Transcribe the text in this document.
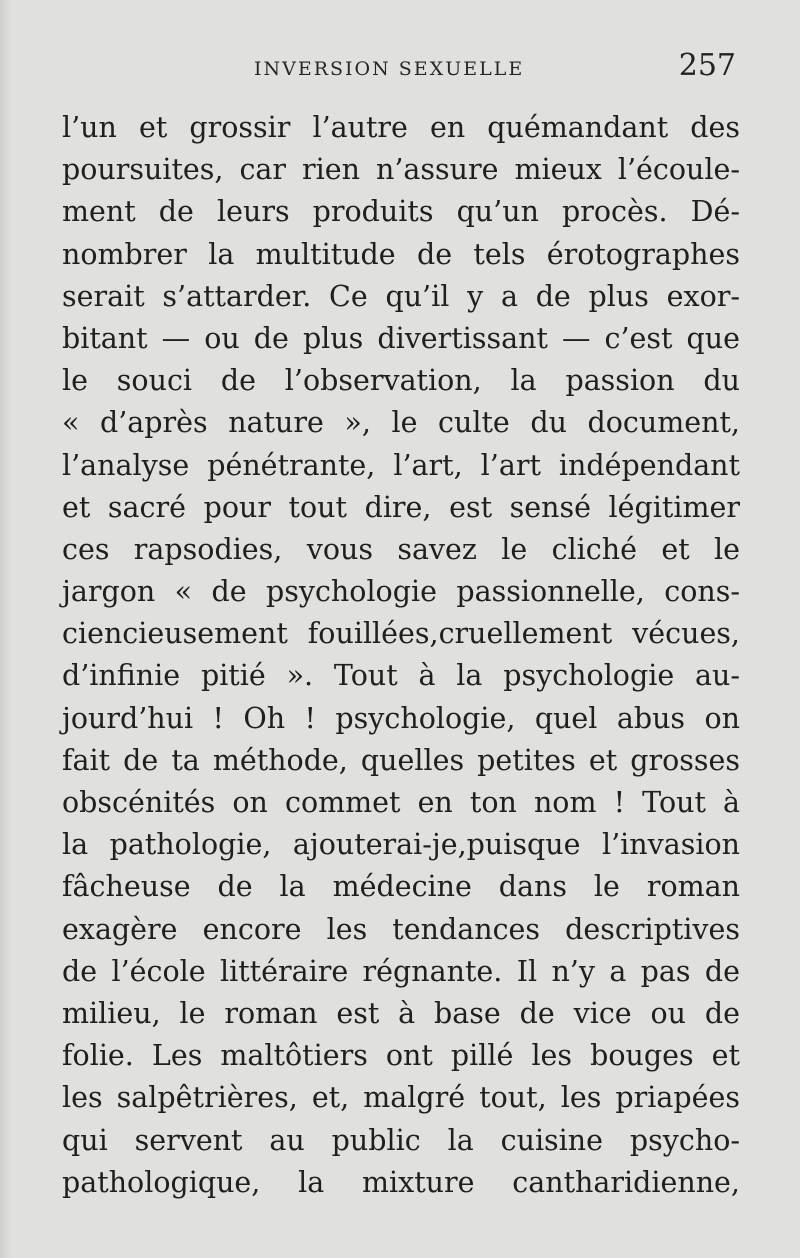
INVERSION SEXUELLE	257
l’un et grossir l’autre en quémandant des
poursuites, car rien n’assure mieux l’écoule-
ment de leurs produits qu’un procès. Dé-
nombrer la multitude de tels érotographes
serait s’attarder. Ce qu’il y a de plus exor-
bitant — ou de plus divertissant — c’est que
le souci de l’observation, la passion du
« d’après nature », le culte du document,
l’analyse pénétrante, l’art, l’art indépendant
et sacré pour tout dire, est sensé légitimer
ces rapsodies, vous savez le cliché et le
jargon « de psychologie passionnelle, cons-
ciencieusement fouillées,cruellement vécues,
d’infinie pitié ». Tout à la psychologie au-
jourd’hui ! Oh ! psychologie, quel abus on
fait de ta méthode, quelles petites et grosses
obscénités on commet en ton nom ! Tout à
la pathologie, ajouterai-je,puisque l’invasion
fâcheuse de la médecine dans le roman
exagère encore les tendances descriptives
de l’école littéraire régnante. Il n’y a pas de
milieu, le roman est à base de vice ou de
folie. Les maltôtiers ont pillé les bouges et
les salpêtrières, et, malgré tout, les priapées
qui servent au public la cuisine psycho-
pathologique, la mixture cantharidienne,
